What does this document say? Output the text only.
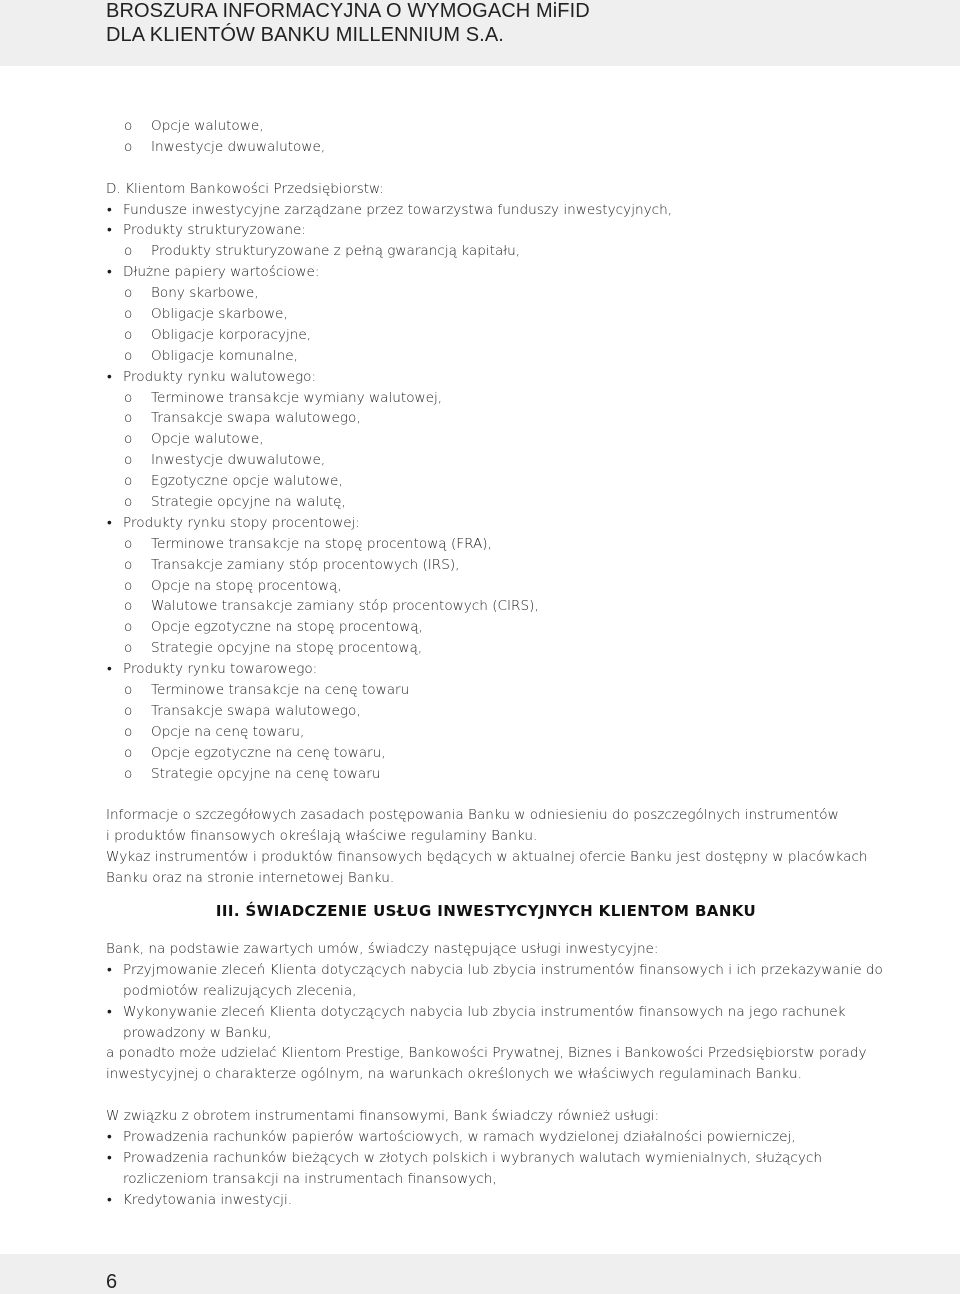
BROSZURA INFORMACYJNA O WYMOGACH MiFID
DLA KLIENTÓW BANKU MILLENNIUM S.A.
o Opcje walutowe,
o Inwestycje dwuwalutowe,
D. Klientom Bankowości Przedsiębiorstw:
• Fundusze inwestycyjne zarządzane przez towarzystwa funduszy inwestycyjnych,
• Produkty strukturyzowane:
o Produkty strukturyzowane z pełną gwarancją kapitału,
• Dłużne papiery wartościowe:
o Bony skarbowe,
o Obligacje skarbowe,
o Obligacje korporacyjne,
o Obligacje komunalne,
• Produkty rynku walutowego:
o Terminowe transakcje wymiany walutowej,
o Transakcje swapa walutowego,
o Opcje walutowe,
o Inwestycje dwuwalutowe,
o Egzotyczne opcje walutowe,
o Strategie opcyjne na walutę,
• Produkty rynku stopy procentowej:
o Terminowe transakcje na stopę procentową (FRA),
o Transakcje zamiany stóp procentowych (IRS),
o Opcje na stopę procentową,
o Walutowe transakcje zamiany stóp procentowych (CIRS),
o Opcje egzotyczne na stopę procentową,
o Strategie opcyjne na stopę procentową,
• Produkty rynku towarowego:
o Terminowe transakcje na cenę towaru
o Transakcje swapa walutowego,
o Opcje na cenę towaru,
o Opcje egzotyczne na cenę towaru,
o Strategie opcyjne na cenę towaru
Informacje o szczegółowych zasadach postępowania Banku w odniesieniu do poszczególnych instrumentów
i produktów finansowych określają właściwe regulaminy Banku.
Wykaz instrumentów i produktów finansowych będących w aktualnej ofercie Banku jest dostępny w placówkach
Banku oraz na stronie internetowej Banku.
III. ŚWIADCZENIE USŁUG INWESTYCYJNYCH KLIENTOM BANKU
Bank, na podstawie zawartych umów, świadczy następujące usługi inwestycyjne:
• Przyjmowanie zleceń Klienta dotyczących nabycia lub zbycia instrumentów finansowych i ich przekazywanie do
podmiotów realizujących zlecenia,
• Wykonywanie zleceń Klienta dotyczących nabycia lub zbycia instrumentów finansowych na jego rachunek
prowadzony w Banku,
a ponadto może udzielać Klientom Prestige, Bankowości Prywatnej, Biznes i Bankowości Przedsiębiorstw porady
inwestycyjnej o charakterze ogólnym, na warunkach określonych we właściwych regulaminach Banku.
W związku z obrotem instrumentami finansowymi, Bank świadczy również usługi:
• Prowadzenia rachunków papierów wartościowych, w ramach wydzielonej działalności powierniczej,
• Prowadzenia rachunków bieżących w złotych polskich i wybranych walutach wymienialnych, służących
rozliczeniom transakcji na instrumentach finansowych,
• Kredytowania inwestycji.
6
